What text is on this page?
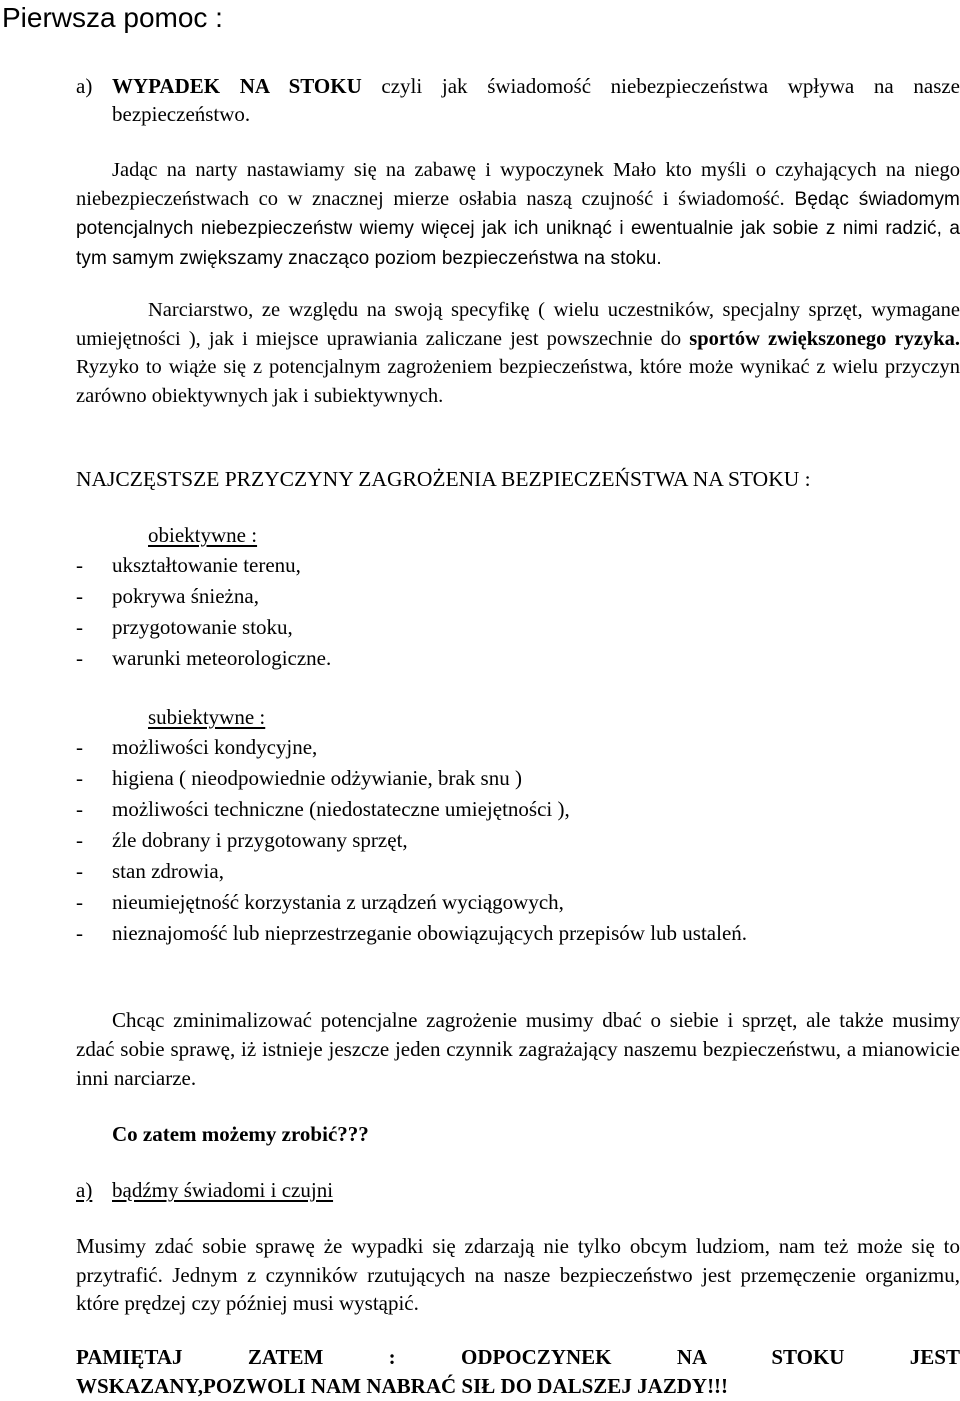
Pierwsza pomoc :
a) WYPADEK NA STOKU czyli jak świadomość niebezpieczeństwa wpływa na nasze bezpieczeństwo.
Jadąc na narty nastawiamy się na zabawę i wypoczynek Mało kto myśli o czyhających na niego niebezpieczeństwach co w znacznej mierze osłabia naszą czujność i świadomość. Będąc świadomym potencjalnych niebezpieczeństw wiemy więcej jak ich uniknąć i ewentualnie jak sobie z nimi radzić, a tym samym zwiększamy znacząco poziom bezpieczeństwa na stoku.
Narciarstwo, ze względu na swoją specyfikę ( wielu uczestników, specjalny sprzęt, wymagane umiejętności ), jak i miejsce uprawiania zaliczane jest powszechnie do sportów zwiększonego ryzyka. Ryzyko to wiąże się z potencjalnym zagrożeniem bezpieczeństwa, które może wynikać z wielu przyczyn zarówno obiektywnych jak i subiektywnych.
NAJCZĘSTSZE PRZYCZYNY ZAGROŻENIA BEZPIECZEŃSTWA NA STOKU :
obiektywne :
- ukształtowanie terenu,
- pokrywa śnieżna,
- przygotowanie stoku,
- warunki meteorologiczne.
subiektywne :
- możliwości kondycyjne,
- higiena ( nieodpowiednie odżywianie, brak snu )
- możliwości techniczne (niedostateczne umiejętności ),
- źle dobrany i przygotowany sprzęt,
- stan zdrowia,
- nieumiejętność korzystania z urządzeń wyciągowych,
- nieznajomość lub nieprzestrzeganie obowiązujących przepisów lub ustaleń.
Chcąc zminimalizować potencjalne zagrożenie musimy dbać o siebie i sprzęt, ale także musimy zdać sobie sprawę, iż istnieje jeszcze jeden czynnik zagrażający naszemu bezpieczeństwu, a mianowicie inni narciarze.
Co zatem możemy zrobić???
a) bądźmy świadomi i czujni
Musimy zdać sobie sprawę że wypadki się zdarzają nie tylko obcym ludziom, nam też może się to przytrafić. Jednym z czynników rzutujących na nasze bezpieczeństwo jest przemęczenie organizmu, które prędzej czy później musi wystąpić.
PAMIĘTAJ ZATEM : ODPOCZYNEK NA STOKU JEST
WSKAZANY,POZWOLI NAM NABRAĆ SIŁ DO DALSZEJ JAZDY!!!
